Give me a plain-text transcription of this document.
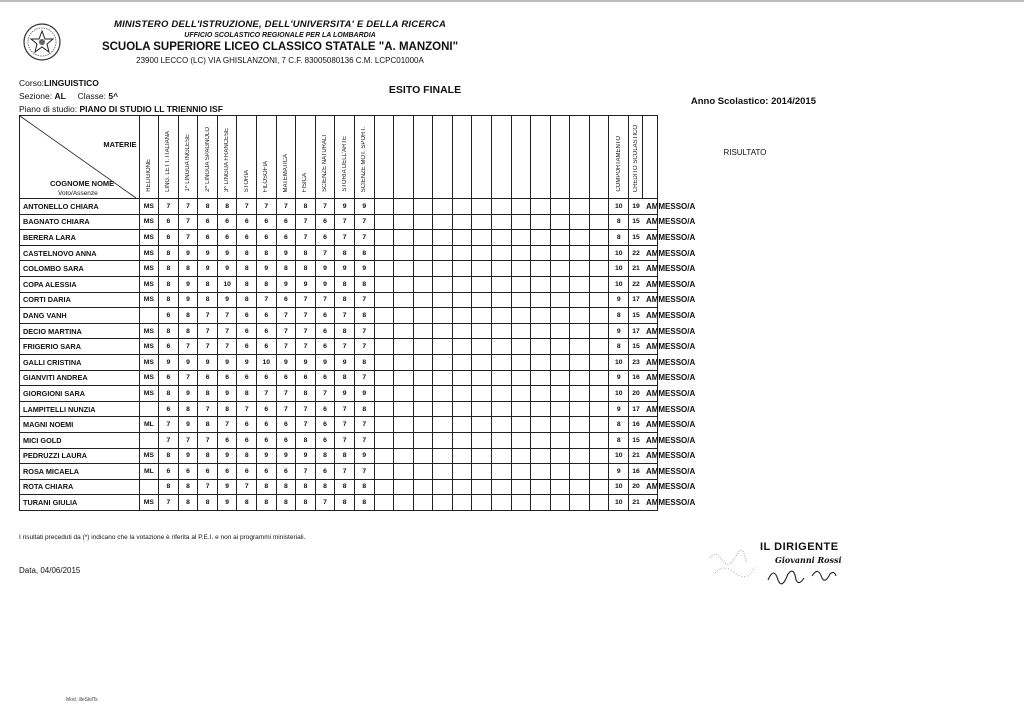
MINISTERO DELL'ISTRUZIONE, DELL'UNIVERSITA' E DELLA RICERCA
UFFICIO SCOLASTICO REGIONALE PER LA LOMBARDIA
SCUOLA SUPERIORE LICEO CLASSICO STATALE "A. MANZONI"
23900 LECCO (LC) VIA GHISLANZONI, 7 C.F. 83005080136 C.M. LCPC01000A
Corso:LINGUISTICO
Sezione: AL Classe: 5^
Piano di studio: PIANO DI STUDIO LL TRIENNIO ISF
ESITO FINALE
Anno Scolastico: 2014/2015
MATERIE
COGNOME NOME
Voto/Assenze	RELIGIONE	LING. LETT. ITALIANA	1^ LINGUA INGLESE	2^ LINGUA SPAGNOLO	3^ LINGUA FRANCESE	STORIA	FILOSOFIA	MATEMATICA	FISICA	SCIENZE NATURALI	STORIA DELL'ARTE	SCIENZE MOT. SPORT.													COMPORTAMENTO	CREDITO SCOLASTICO	RISULTATO

ANTONELLO CHIARA	MS	7	7	8	8	7	7	7	8	7	9	9													10	19	AMMESSO/A
BAGNATO CHIARA	MS	6	7	6	6	6	6	6	7	6	7	7													8	15	AMMESSO/A
BERERA LARA	MS	6	7	6	6	6	6	6	7	6	7	7													8	15	AMMESSO/A
CASTELNOVO ANNA	MS	8	9	9	9	8	8	9	8	7	8	8													10	22	AMMESSO/A
COLOMBO SARA	MS	8	8	9	9	8	9	8	8	9	9	9													10	21	AMMESSO/A
COPA ALESSIA	MS	8	9	8	10	8	8	9	9	9	8	8													10	22	AMMESSO/A
CORTI DARIA	MS	8	9	8	9	8	7	6	7	7	8	7													9	17	AMMESSO/A
DANG VANH		6	8	7	7	6	6	7	7	6	7	8													8	15	AMMESSO/A
DECIO MARTINA	MS	8	8	7	7	6	6	7	7	6	8	7													9	17	AMMESSO/A
FRIGERIO SARA	MS	6	7	7	7	6	6	7	7	6	7	7													8	15	AMMESSO/A
GALLI CRISTINA	MS	9	9	9	9	9	10	9	9	9	9	8													10	23	AMMESSO/A
GIANVITI ANDREA	MS	6	7	6	6	6	6	6	6	6	8	7													9	16	AMMESSO/A
GIORGIONI SARA	MS	8	9	8	9	8	7	7	8	7	9	9													10	20	AMMESSO/A
LAMPITELLI NUNZIA		6	8	7	8	7	6	7	7	6	7	8													9	17	AMMESSO/A
MAGNI NOEMI	ML	7	9	8	7	6	6	6	7	6	7	7													8	16	AMMESSO/A
MICI GOLD		7	7	7	6	6	6	6	8	6	7	7													8	15	AMMESSO/A
PEDRUZZI LAURA	MS	8	9	8	9	8	9	9	9	8	8	9													10	21	AMMESSO/A
ROSA MICAELA	ML	6	6	6	6	6	6	6	7	6	7	7													9	16	AMMESSO/A
ROTA CHIARA		8	8	7	9	7	8	8	8	8	8	8													10	20	AMMESSO/A
TURANI GIULIA	MS	7	8	8	9	8	8	8	8	7	8	8													10	21	AMMESSO/A
I risultati preceduti da (*) indicano che la votazione è riferita al P.E.I. e non ai programmi ministeriali.
Data, 04/06/2015
IL DIRIGENTE
Giovanni Rossi
Mod. illeSkilTs
